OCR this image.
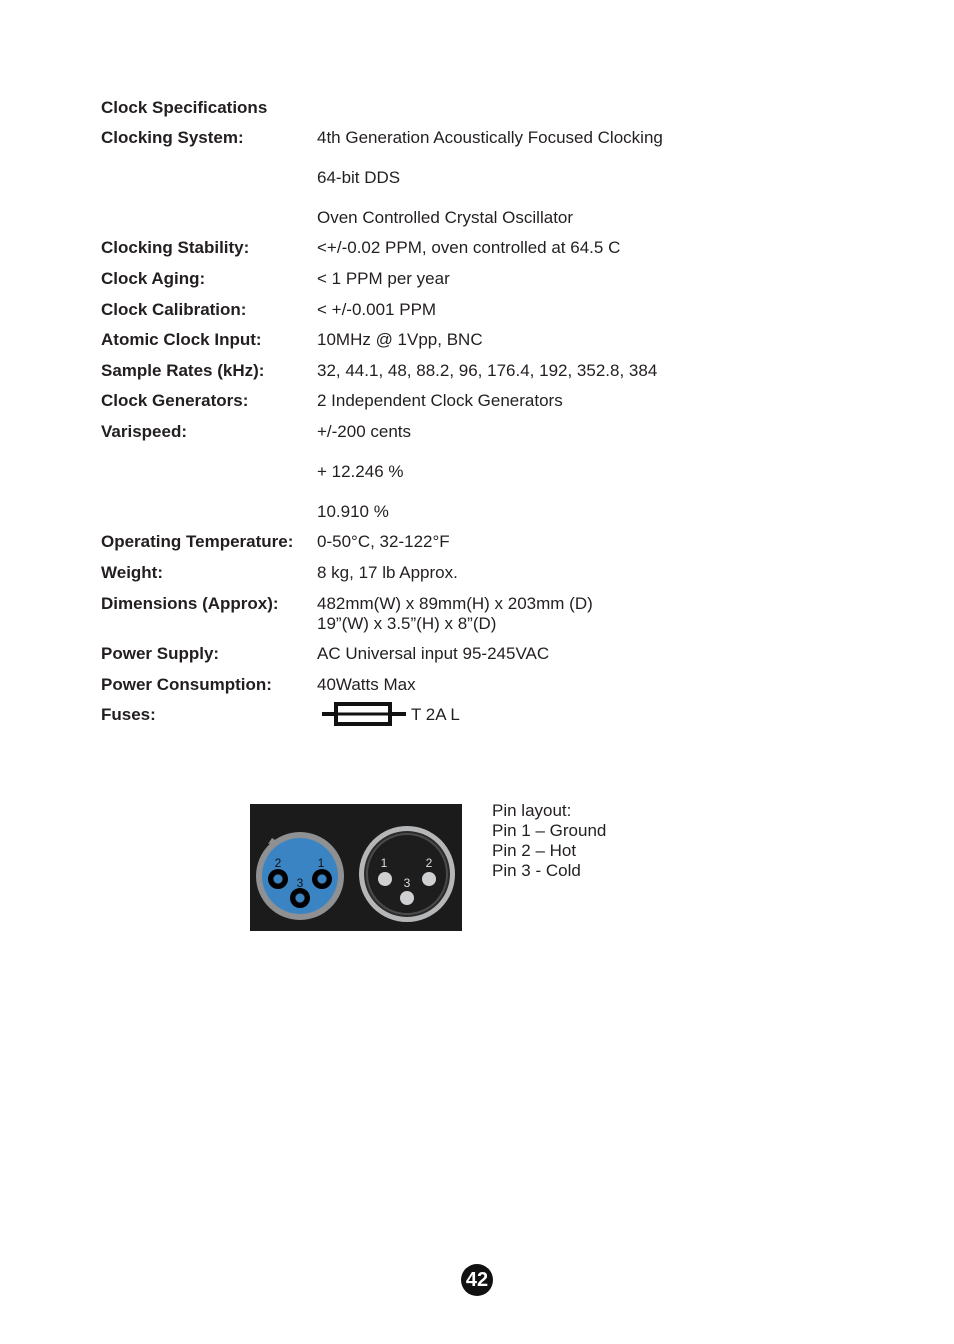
Clock Specifications
Clocking System:	4th Generation Acoustically Focused Clocking
64-bit DDS
Oven Controlled Crystal Oscillator
Clocking Stability:	<+/-0.02 PPM, oven controlled at 64.5 C
Clock Aging:	< 1 PPM per year
Clock Calibration:	< +/-0.001 PPM
Atomic Clock Input:	10MHz @ 1Vpp, BNC
Sample Rates (kHz):	32, 44.1, 48, 88.2, 96, 176.4, 192, 352.8, 384
Clock Generators:	2 Independent Clock Generators
Varispeed:	+/-200 cents
+ 12.246 %
10.910 %
Operating Temperature: 0-50°C, 32-122°F
Weight:	8 kg, 17 lb Approx.
Dimensions (Approx): 482mm(W) x 89mm(H) x 203mm (D)
19”(W) x 3.5”(H) x 8”(D)
Power Supply:	AC Universal input 95-245VAC
Power Consumption:	40Watts Max
Fuses:	T 2A L
2	1
3
1	2
3
Pin layout:
Pin 1 – Ground
Pin 2 – Hot
Pin 3 - Cold
42
